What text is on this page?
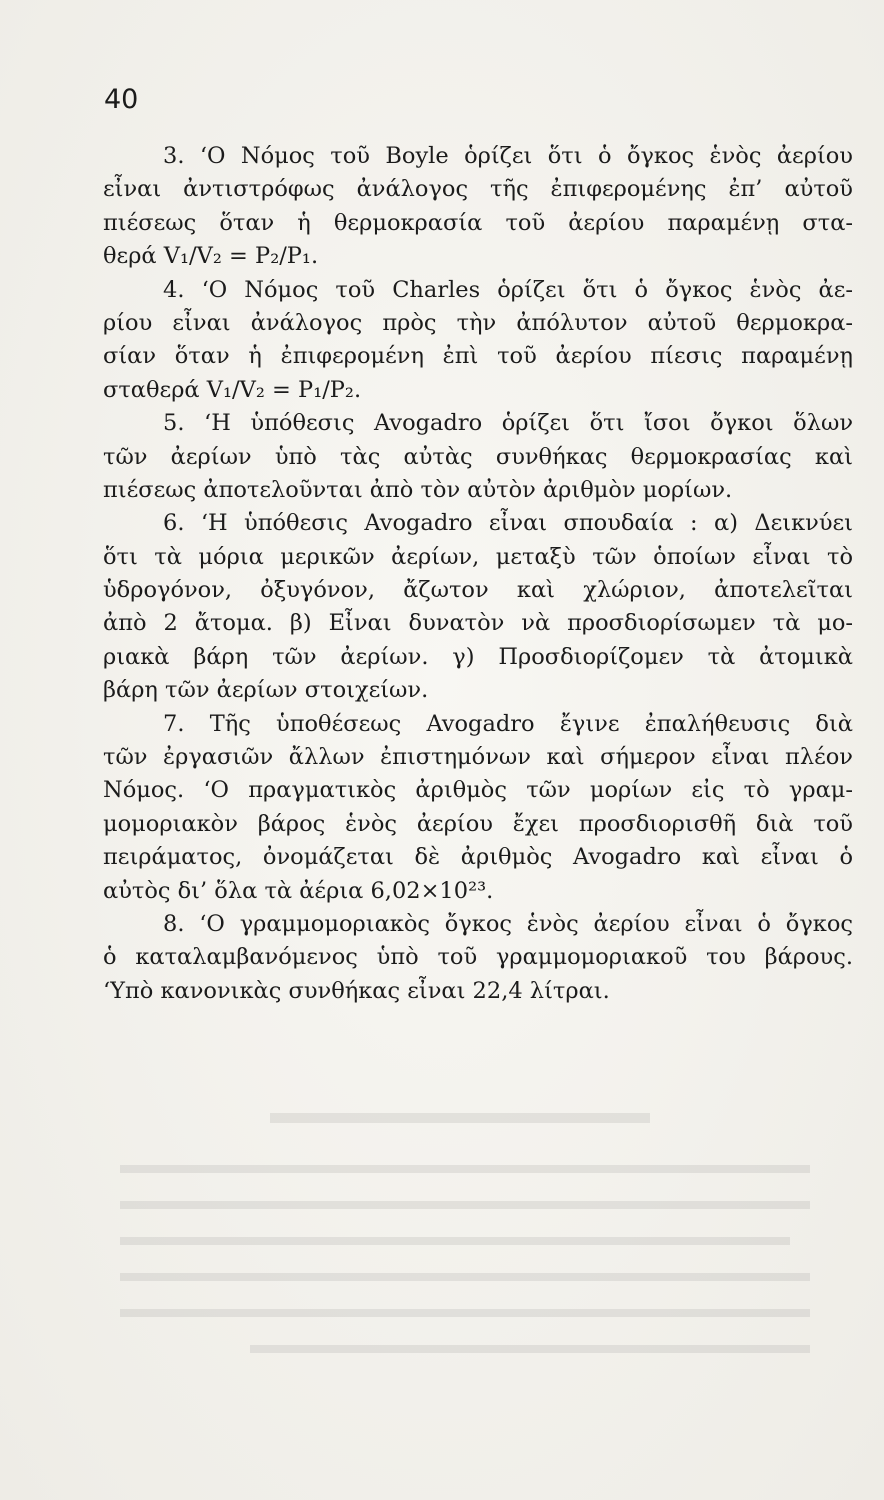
40
3. ‘Ο Νόμος τοῦ Boyle ὁρίζει ὅτι ὁ ὄγκος ἑνὸς ἀερίου
εἶναι ἀντιστρόφως ἀνάλογος τῆς ἐπιφερομένης ἐπ’ αὐτοῦ
πιέσεως ὅταν ἡ θερμοκρασία τοῦ ἀερίου παραμένῃ στα-
θερά V₁/V₂ = P₂/P₁.
4. ‘Ο Νόμος τοῦ Charles ὁρίζει ὅτι ὁ ὄγκος ἑνὸς ἀε-
ρίου εἶναι ἀνάλογος πρὸς τὴν ἀπόλυτον αὐτοῦ θερμοκρα-
σίαν ὅταν ἡ ἐπιφερομένη ἐπὶ τοῦ ἀερίου πίεσις παραμένῃ
σταθερά V₁/V₂ = P₁/P₂.
5. ‘Η ὑπόθεσις Avogadro ὁρίζει ὅτι ἴσοι ὄγκοι ὅλων
τῶν ἀερίων ὑπὸ τὰς αὐτὰς συνθήκας θερμοκρασίας καὶ
πιέσεως ἀποτελοῦνται ἀπὸ τὸν αὐτὸν ἀριθμὸν μορίων.
6. ‘Η ὑπόθεσις Avogadro εἶναι σπουδαία : α) Δεικνύει
ὅτι τὰ μόρια μερικῶν ἀερίων, μεταξὺ τῶν ὁποίων εἶναι τὸ
ὑδρογόνον, ὀξυγόνον, ἄζωτον καὶ χλώριον, ἀποτελεῖται
ἀπὸ 2 ἄτομα. β) Εἶναι δυνατὸν νὰ προσδιορίσωμεν τὰ μο-
ριακὰ βάρη τῶν ἀερίων. γ) Προσδιορίζομεν τὰ ἀτομικὰ
βάρη τῶν ἀερίων στοιχείων.
7. Τῆς ὑποθέσεως Avogadro ἔγινε ἐπαλήθευσις διὰ
τῶν ἐργασιῶν ἄλλων ἐπιστημόνων καὶ σήμερον εἶναι πλέον
Νόμος. ‘Ο πραγματικὸς ἀριθμὸς τῶν μορίων εἰς τὸ γραμ-
μομοριακὸν βάρος ἑνὸς ἀερίου ἔχει προσδιορισθῆ διὰ τοῦ
πειράματος, ὀνομάζεται δὲ ἀριθμὸς Avogadro καὶ εἶναι ὁ
αὐτὸς δι’ ὅλα τὰ ἀέρια 6,02×10²³.
8. ‘Ο γραμμομοριακὸς ὄγκος ἑνὸς ἀερίου εἶναι ὁ ὄγκος
ὁ καταλαμβανόμενος ὑπὸ τοῦ γραμμομοριακοῦ του βάρους.
‘Υπὸ κανονικὰς συνθήκας εἶναι 22,4 λίτραι.
